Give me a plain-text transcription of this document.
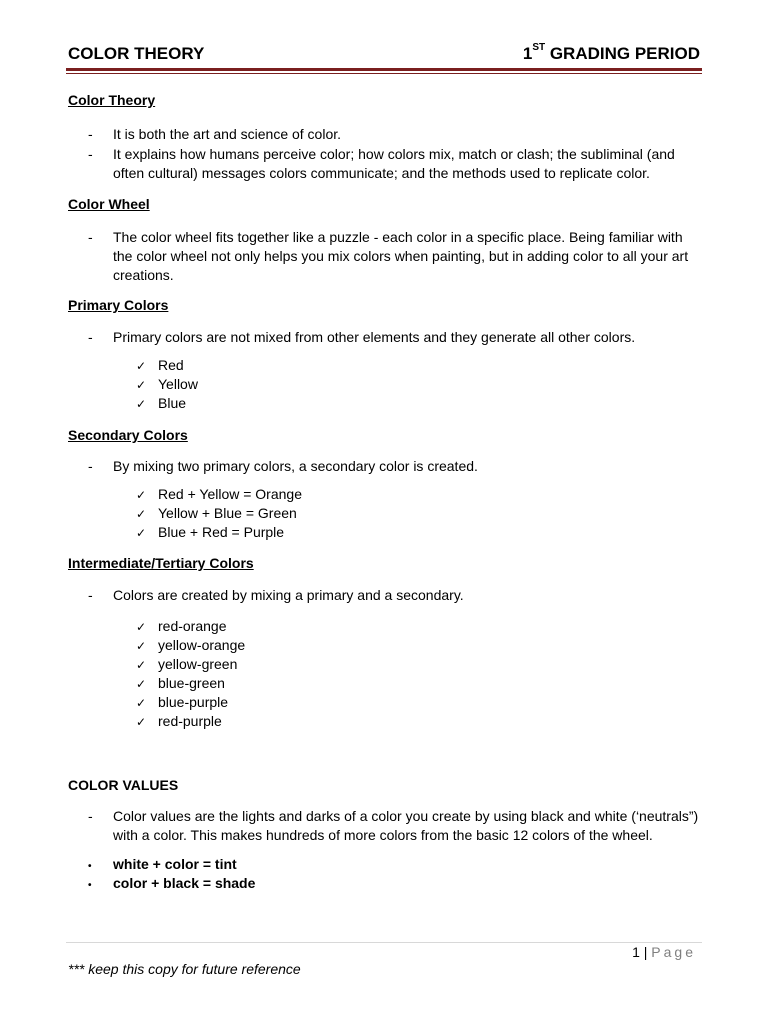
COLOR THEORY	1ST GRADING PERIOD
Color Theory
- It is both the art and science of color.
- It explains how humans perceive color; how colors mix, match or clash; the subliminal (and often cultural) messages colors communicate; and the methods used to replicate color.
Color Wheel
- The color wheel fits together like a puzzle - each color in a specific place. Being familiar with the color wheel not only helps you mix colors when painting, but in adding color to all your art creations.
Primary Colors
- Primary colors are not mixed from other elements and they generate all other colors.
✓ Red
✓ Yellow
✓ Blue
Secondary Colors
- By mixing two primary colors, a secondary color is created.
✓ Red + Yellow = Orange
✓ Yellow + Blue = Green
✓ Blue + Red = Purple
Intermediate/Tertiary Colors
- Colors are created by mixing a primary and a secondary.
✓ red-orange
✓ yellow-orange
✓ yellow-green
✓ blue-green
✓ blue-purple
✓ red-purple
COLOR VALUES
- Color values are the lights and darks of a color you create by using black and white (‘neutrals”) with a color. This makes hundreds of more colors from the basic 12 colors of the wheel.
• white + color = tint
• color + black = shade
1 | Page
*** keep this copy for future reference
